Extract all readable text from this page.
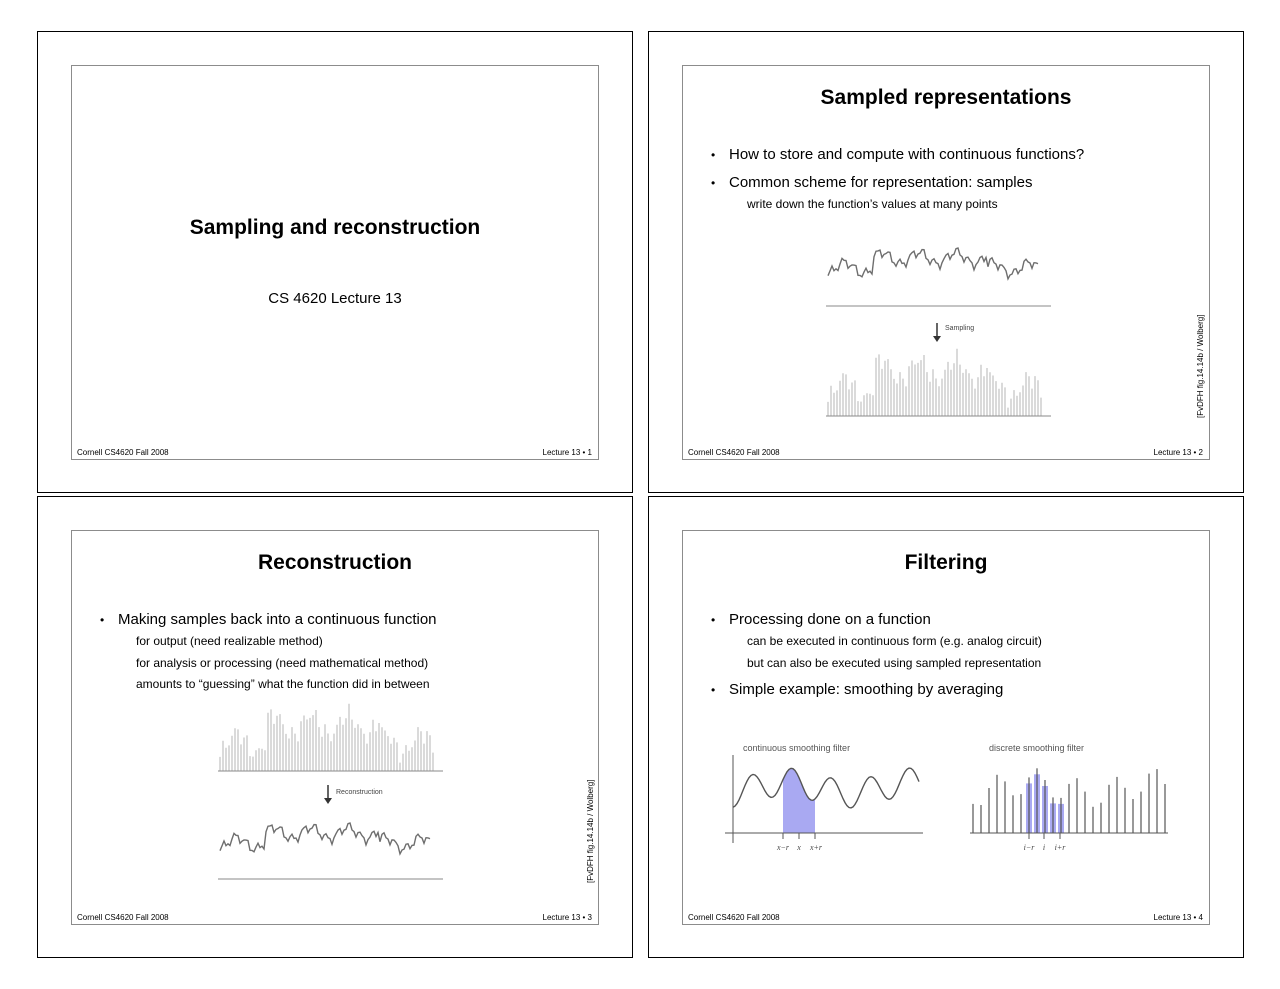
Sampling and reconstruction
CS 4620 Lecture 13
Cornell CS4620 Fall 2008	Lecture 13 • 1
Sampled representations
• How to store and compute with continuous functions?
• Common scheme for representation: samples
write down the function’s values at many points
Sampling	[FvDFH fig.14.14b / Wolberg]
Cornell CS4620 Fall 2008	Lecture 13 • 2
Reconstruction
• Making samples back into a continuous function
for output (need realizable method)
for analysis or processing (need mathematical method)
amounts to “guessing” what the function did in between
Reconstruction	[FvDFH fig.14.14b / Wolberg]
Cornell CS4620 Fall 2008	Lecture 13 • 3
Filtering
• Processing done on a function
can be executed in continuous form (e.g. analog circuit)
but can also be executed using sampled representation
• Simple example: smoothing by averaging
continuous smoothing filter
x−r x x+r
discrete smoothing filter
i−r i i+r
Cornell CS4620 Fall 2008	Lecture 13 • 4
